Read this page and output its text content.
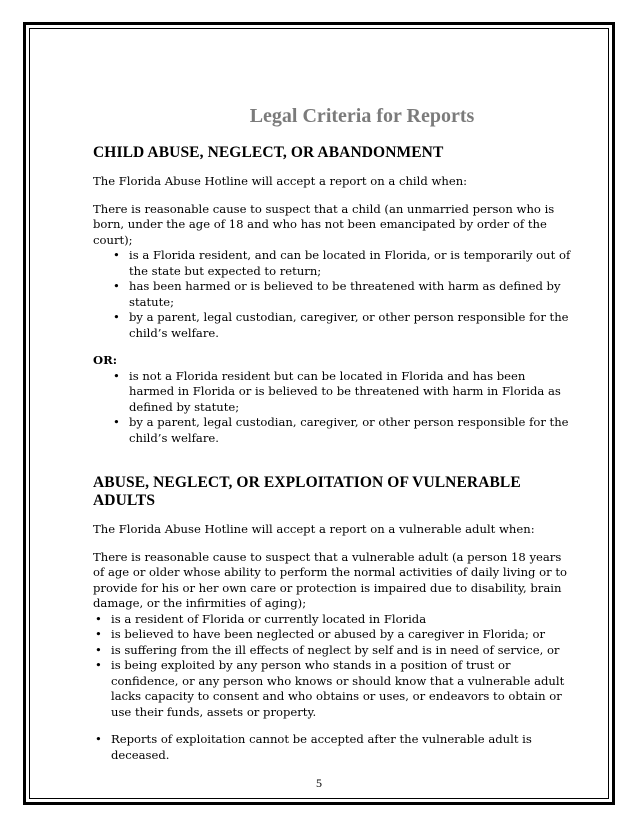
Legal Criteria for Reports
CHILD ABUSE, NEGLECT, OR ABANDONMENT

The Florida Abuse Hotline will accept a report on a child when:

There is reasonable cause to suspect that a child (an unmarried person who is born, under the age of 18 and who has not been emancipated by order of the court);

• is a Florida resident, and can be located in Florida, or is temporarily out of the state but expected to return;
• has been harmed or is believed to be threatened with harm as defined by statute;
• by a parent, legal custodian, caregiver, or other person responsible for the child’s welfare.
OR:
• is not a Florida resident but can be located in Florida and has been harmed in Florida or is believed to be threatened with harm in Florida as defined by statute;
• by a parent, legal custodian, caregiver, or other person responsible for the child’s welfare.
ABUSE, NEGLECT, OR EXPLOITATION OF VULNERABLE ADULTS

The Florida Abuse Hotline will accept a report on a vulnerable adult when:

There is reasonable cause to suspect that a vulnerable adult (a person 18 years of age or older whose ability to perform the normal activities of daily living or to provide for his or her own care or protection is impaired due to disability, brain damage, or the infirmities of aging);

• is a resident of Florida or currently located in Florida
• is believed to have been neglected or abused by a caregiver in Florida; or
• is suffering from the ill effects of neglect by self and is in need of service, or
• is being exploited by any person who stands in a position of trust or confidence, or any person who knows or should know that a vulnerable adult lacks capacity to consent and who obtains or uses, or endeavors to obtain or use their funds, assets or property.
• Reports of exploitation cannot be accepted after the vulnerable adult is deceased.
5
